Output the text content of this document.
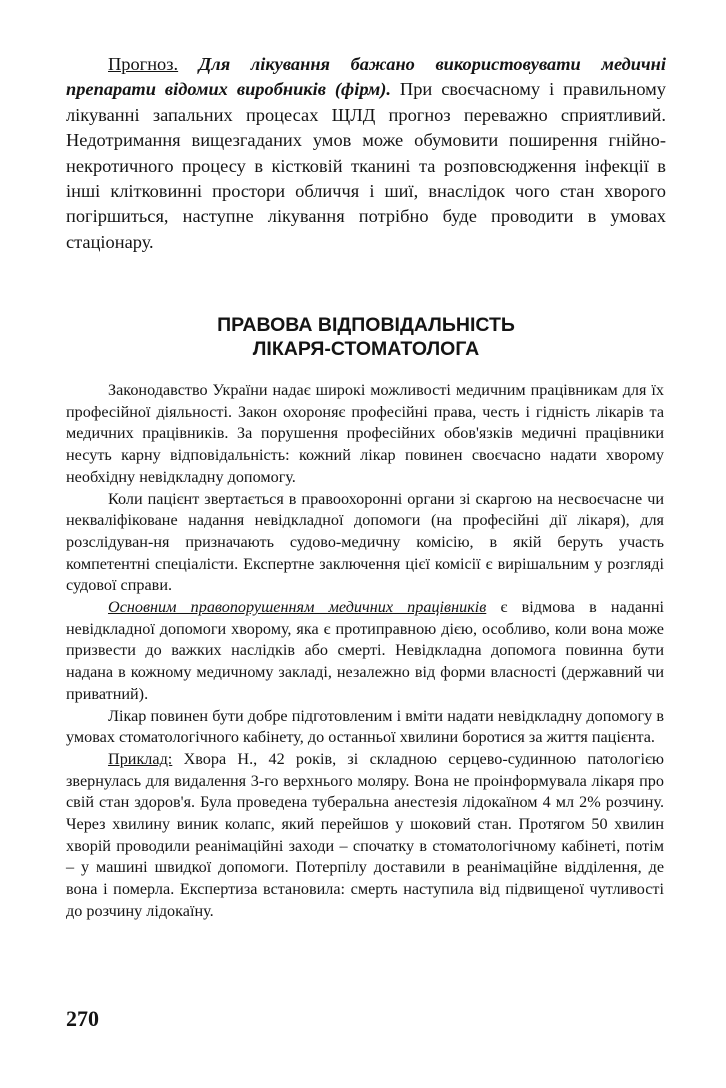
Прогноз. Для лікування бажано використовувати медичні препарати відомих виробників (фірм). При своєчасному і правильному лікуванні запальних процесах ЩЛД прогноз переважно сприятливий. Недотримання вищезгаданих умов може обумовити поширення гнійно-некротичного процесу в кістковій тканині та розповсюдження інфекції в інші клітковинні простори обличчя і шиї, внаслідок чого стан хворого погіршиться, наступне лікування потрібно буде проводити в умовах стаціонару.

ПРАВОВА ВІДПОВІДАЛЬНІСТЬ
ЛІКАРЯ-СТОМАТОЛОГА

Законодавство України надає широкі можливості медичним працівникам для їх професійної діяльності. Закон охороняє професійні права, честь і гідність лікарів та медичних працівників. За порушення професійних обов'язків медичні працівники несуть карну відповідальність: кожний лікар повинен своєчасно надати хворому необхідну невідкладну допомогу.

Коли пацієнт звертається в правоохоронні органи зі скаргою на несвоєчасне чи некваліфіковане надання невідкладної допомоги (на професійні дії лікаря), для розслідуван-ня призначають судово-медичну комісію, в якій беруть участь компетентні спеціалісти. Експертне заключення цієї комісії є вирішальним у розгляді судової справи.

Основним правопорушенням медичних працівників є відмова в наданні невідкладної допомоги хворому, яка є протиправною дією, особливо, коли вона може призвести до важких наслідків або смерті. Невідкладна допомога повинна бути надана в кожному медичному закладі, незалежно від форми власності (державний чи приватний).

Лікар повинен бути добре підготовленим і вміти надати невідкладну допомогу в умовах стоматологічного кабінету, до останньої хвилини боротися за життя пацієнта.

Приклад: Хвора Н., 42 років, зі складною серцево-судинною патологією звернулась для видалення 3-го верхнього моляру. Вона не проінформувала лікаря про свій стан здоров'я. Була проведена туберальна анестезія лідокаїном 4 мл 2% розчину. Через хвилину виник колапс, який перейшов у шоковий стан. Протягом 50 хвилин хворій проводили реанімаційні заходи – спочатку в стоматологічному кабінеті, потім – у машині швидкої допомоги. Потерпілу доставили в реанімаційне відділення, де вона і померла. Експертиза встановила: смерть наступила від підвищеної чутливості до розчину лідокаїну.

270
